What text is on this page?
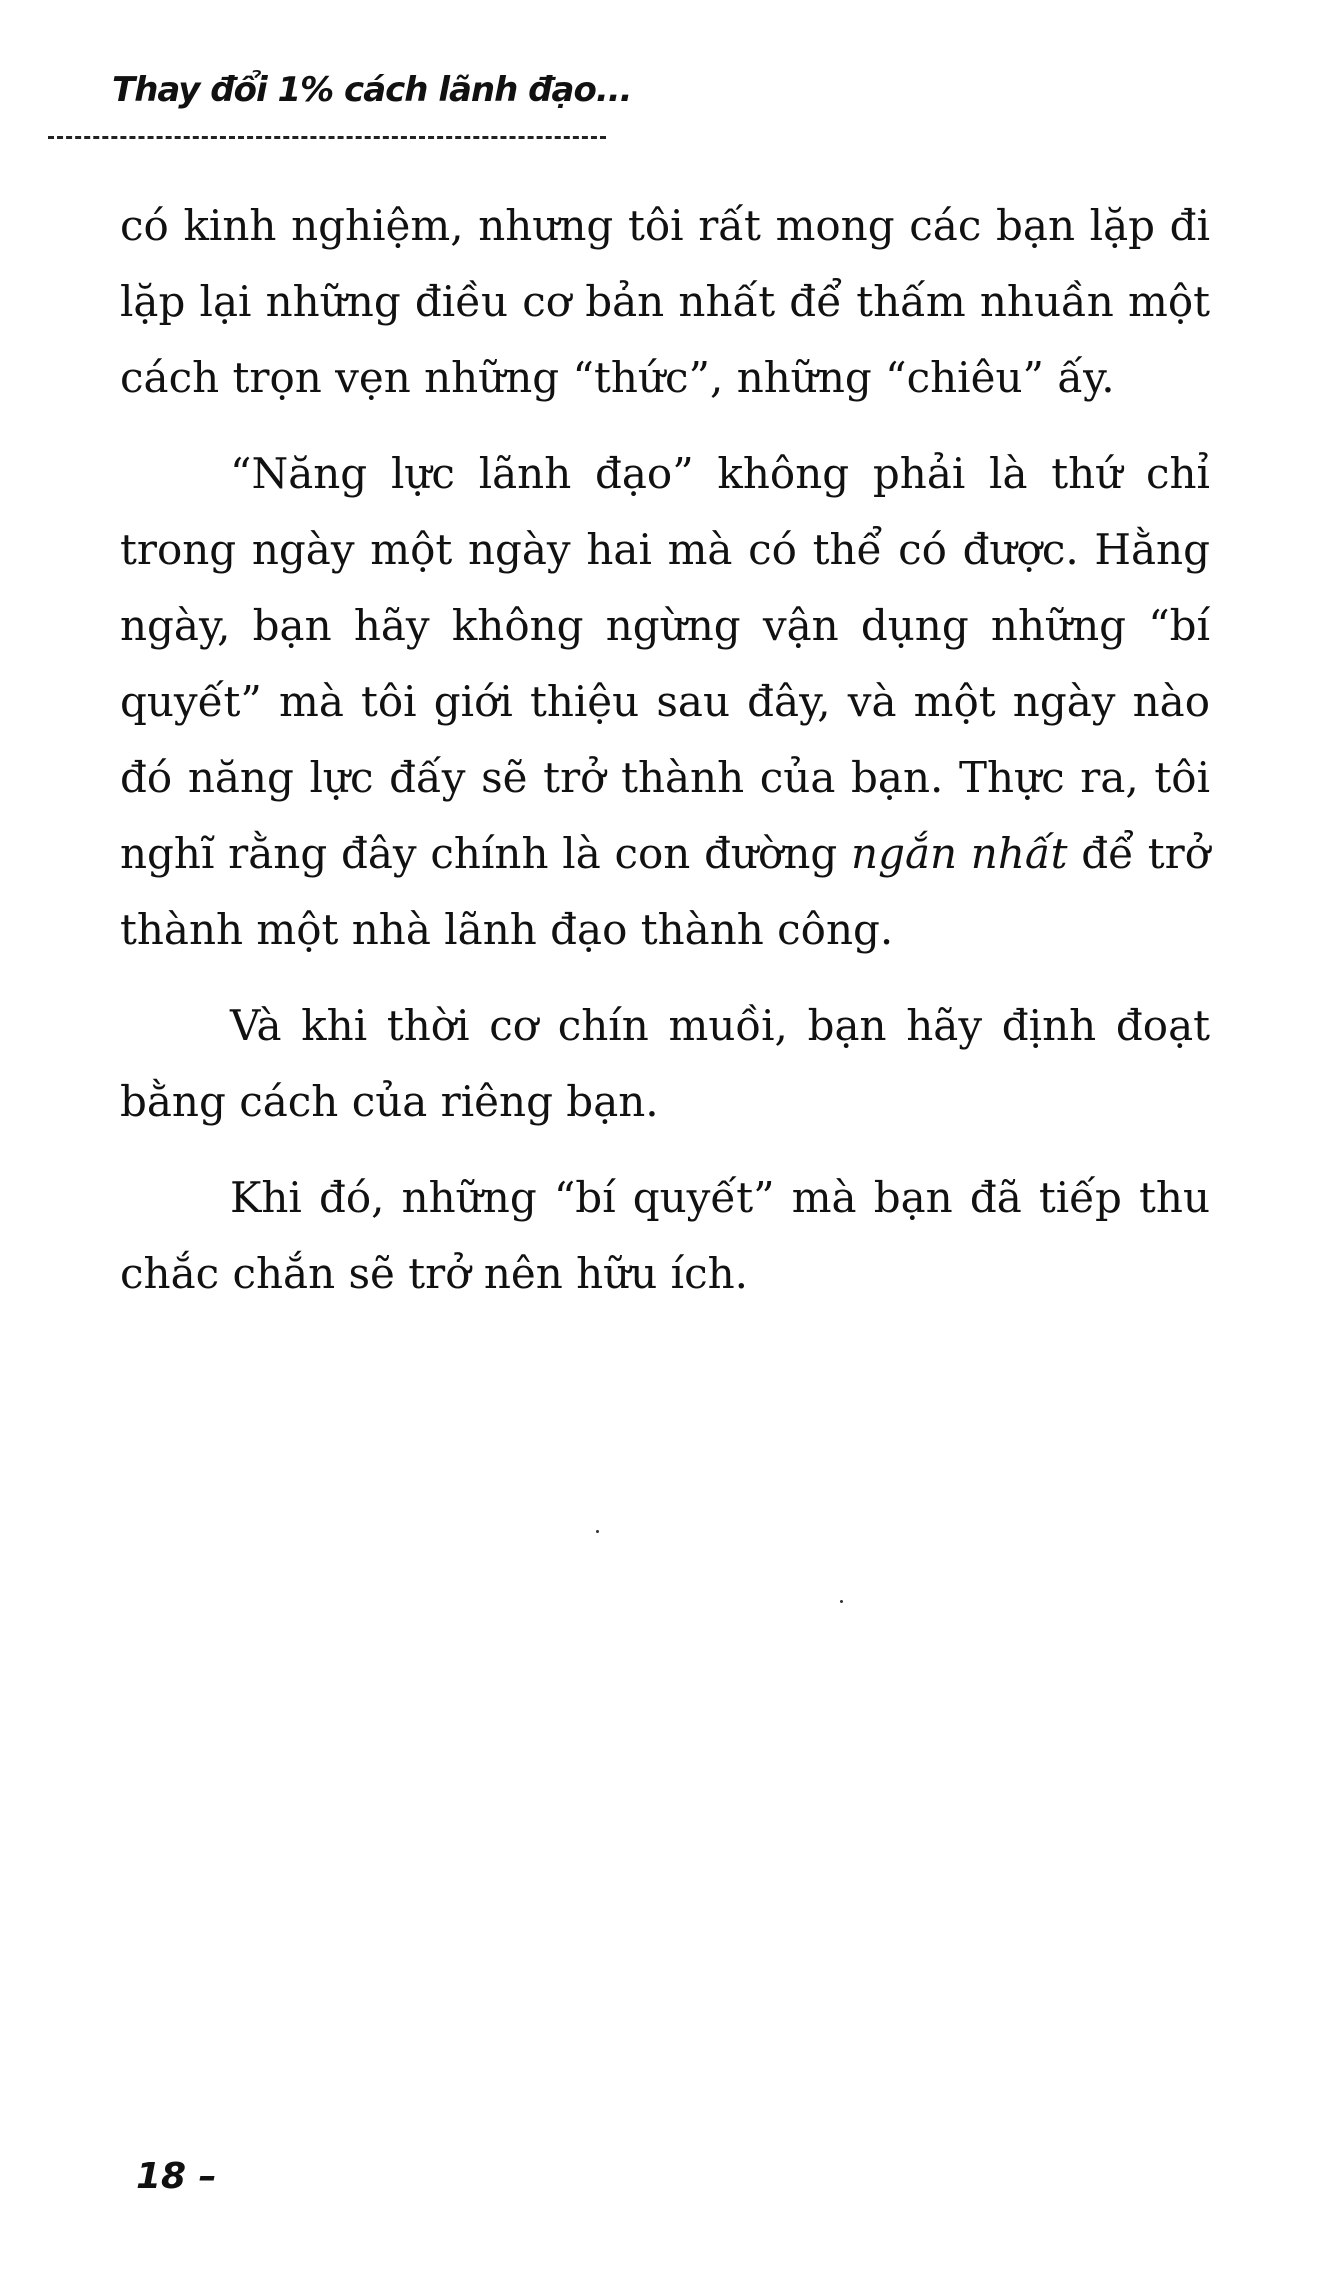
Thay đổi 1% cách lãnh đạo...

có kinh nghiệm, nhưng tôi rất mong các bạn lặp đi lặp lại những điều cơ bản nhất để thấm nhuần một cách trọn vẹn những “thức”, những “chiêu” ấy.

“Năng lực lãnh đạo” không phải là thứ chỉ trong ngày một ngày hai mà có thể có được. Hằng ngày, bạn hãy không ngừng vận dụng những “bí quyết” mà tôi giới thiệu sau đây, và một ngày nào đó năng lực đấy sẽ trở thành của bạn. Thực ra, tôi nghĩ rằng đây chính là con đường ngắn nhất để trở thành một nhà lãnh đạo thành công.

Và khi thời cơ chín muồi, bạn hãy định đoạt bằng cách của riêng bạn.

Khi đó, những “bí quyết” mà bạn đã tiếp thu chắc chắn sẽ trở nên hữu ích.

18 –
